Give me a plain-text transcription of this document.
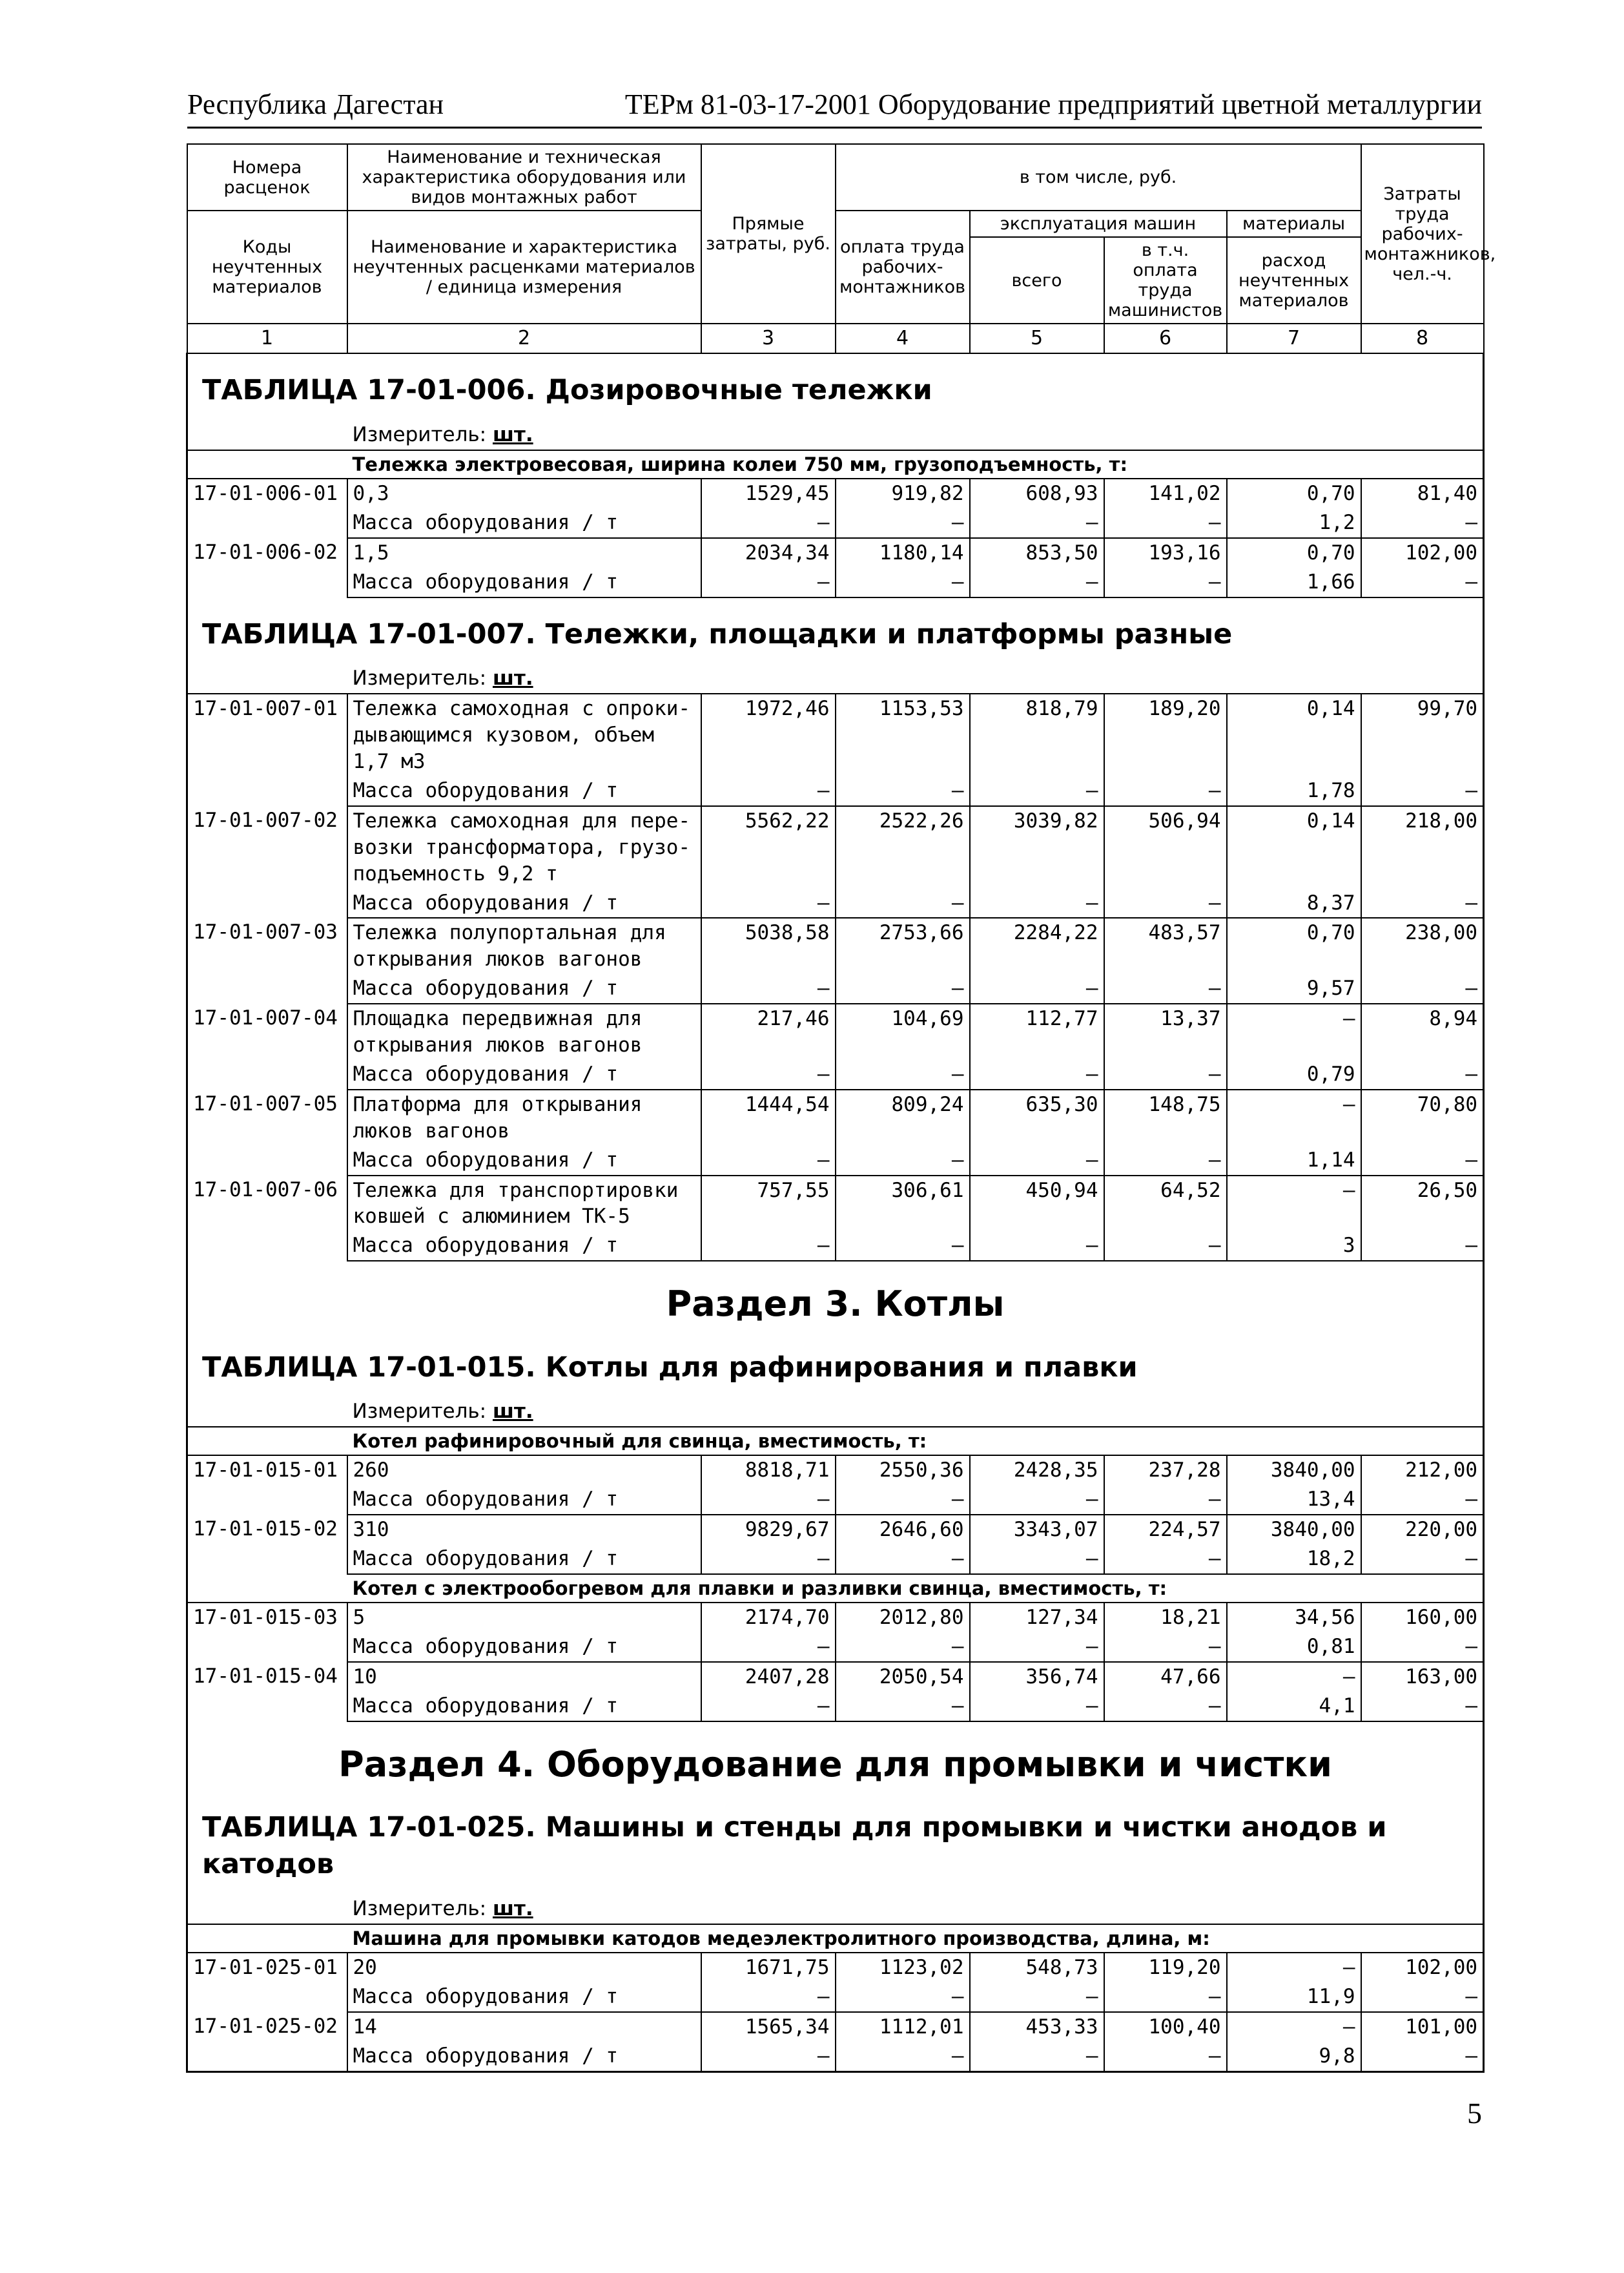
Республика Дагестан	ТЕРм 81-03-17-2001 Оборудование предприятий цветной металлургии
Номера расценок	Наименование и техническая характеристика оборудования или видов монтажных работ	Прямые затраты, руб.	в том числе, руб.				Затраты труда рабочих-монтажников, чел.-ч.
Коды неучтенных материалов	Наименование и характеристика неучтенных расценками материалов / единица измерения		оплата труда рабочих-монтажников	эксплуатация машин		материалы	
				всего	в т.ч. оплата труда машинистов	расход неучтенных материалов	
1	2	3	4	5	6	7	8
ТАБЛИЦА 17-01-006. Дозировочные тележки							
	Измеритель: шт.						
	Тележка электровесовая, ширина колеи 750 мм, грузоподъемность, т:						
17-01-006-01	0,3	1529,45	919,82	608,93	141,02	0,70	81,40
	Масса оборудования / т	–	–	–	–	1,2	–
17-01-006-02	1,5	2034,34	1180,14	853,50	193,16	0,70	102,00
	Масса оборудования / т	–	–	–	–	1,66	–
ТАБЛИЦА 17-01-007. Тележки, площадки и платформы разные							
	Измеритель: шт.						
17-01-007-01	Тележка самоходная с опроки-дывающимся кузовом, объем 1,7 м3	1972,46	1153,53	818,79	189,20	0,14	99,70
	Масса оборудования / т	–	–	–	–	1,78	–
17-01-007-02	Тележка самоходная для пере-возки трансформатора, грузо-подъемность 9,2 т	5562,22	2522,26	3039,82	506,94	0,14	218,00
	Масса оборудования / т	–	–	–	–	8,37	–
17-01-007-03	Тележка полупортальная для открывания люков вагонов	5038,58	2753,66	2284,22	483,57	0,70	238,00
	Масса оборудования / т	–	–	–	–	9,57	–
17-01-007-04	Площадка передвижная для открывания люков вагонов	217,46	104,69	112,77	13,37	–	8,94
	Масса оборудования / т	–	–	–	–	0,79	–
17-01-007-05	Платформа для открывания люков вагонов	1444,54	809,24	635,30	148,75	–	70,80
	Масса оборудования / т	–	–	–	–	1,14	–
17-01-007-06	Тележка для транспортировки ковшей с алюминием ТК-5	757,55	306,61	450,94	64,52	–	26,50
	Масса оборудования / т	–	–	–	–	3	–
Раздел 3. Котлы							
ТАБЛИЦА 17-01-015. Котлы для рафинирования и плавки							
	Измеритель: шт.						
	Котел рафинировочный для свинца, вместимость, т:						
17-01-015-01	260	8818,71	2550,36	2428,35	237,28	3840,00	212,00
	Масса оборудования / т	–	–	–	–	13,4	–
17-01-015-02	310	9829,67	2646,60	3343,07	224,57	3840,00	220,00
	Масса оборудования / т	–	–	–	–	18,2	–
	Котел с электрообогревом для плавки и разливки свинца, вместимость, т:						
17-01-015-03	5	2174,70	2012,80	127,34	18,21	34,56	160,00
	Масса оборудования / т	–	–	–	–	0,81	–
17-01-015-04	10	2407,28	2050,54	356,74	47,66	–	163,00
	Масса оборудования / т	–	–	–	–	4,1	–
Раздел 4. Оборудование для промывки и чистки							
ТАБЛИЦА 17-01-025. Машины и стенды для промывки и чистки анодов и катодов							
	Измеритель: шт.						
	Машина для промывки катодов медеэлектролитного производства, длина, м:						
17-01-025-01	20	1671,75	1123,02	548,73	119,20	–	102,00
	Масса оборудования / т	–	–	–	–	11,9	–
17-01-025-02	14	1565,34	1112,01	453,33	100,40	–	101,00
	Масса оборудования / т	–	–	–	–	9,8	–
5
